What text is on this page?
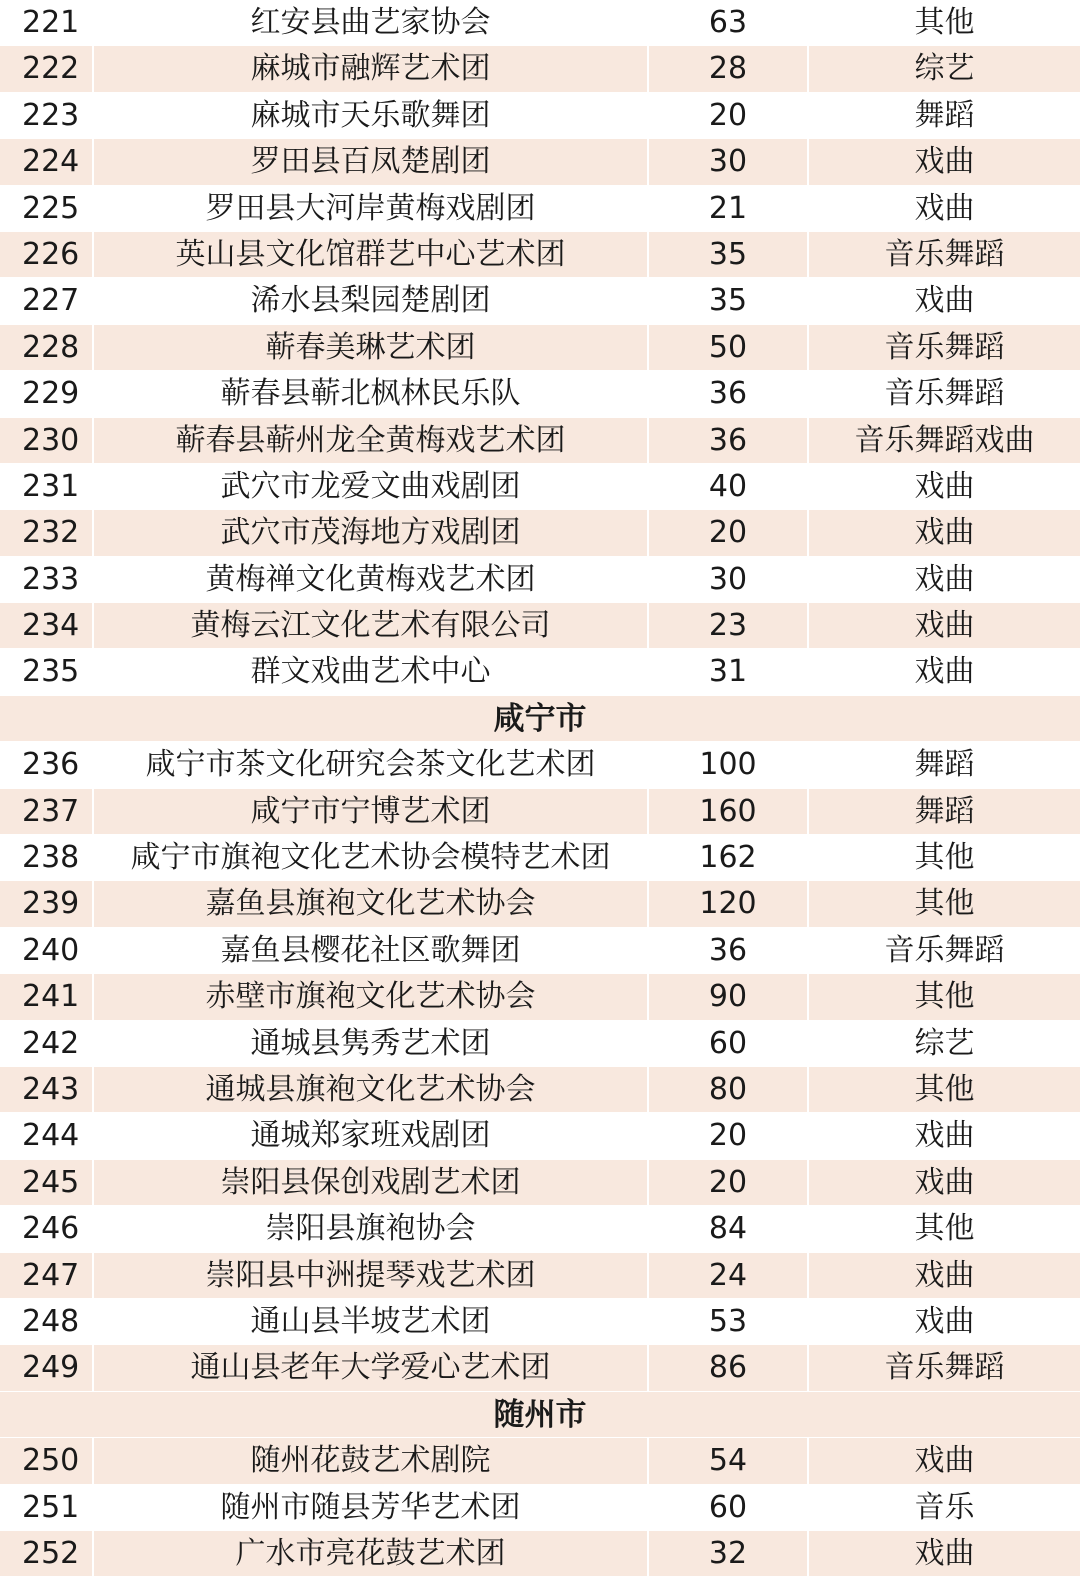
221	红安县曲艺家协会	63	其他
222	麻城市融辉艺术团	28	综艺
223	麻城市天乐歌舞团	20	舞蹈
224	罗田县百凤楚剧团	30	戏曲
225	罗田县大河岸黄梅戏剧团	21	戏曲
226	英山县文化馆群艺中心艺术团	35	音乐舞蹈
227	浠水县梨园楚剧团	35	戏曲
228	蕲春美琳艺术团	50	音乐舞蹈
229	蕲春县蕲北枫林民乐队	36	音乐舞蹈
230	蕲春县蕲州龙全黄梅戏艺术团	36	音乐舞蹈戏曲
231	武穴市龙爱文曲戏剧团	40	戏曲
232	武穴市茂海地方戏剧团	20	戏曲
233	黄梅禅文化黄梅戏艺术团	30	戏曲
234	黄梅云江文化艺术有限公司	23	戏曲
235	群文戏曲艺术中心	31	戏曲
咸宁市
236	咸宁市茶文化研究会茶文化艺术团	100	舞蹈
237	咸宁市宁博艺术团	160	舞蹈
238	咸宁市旗袍文化艺术协会模特艺术团	162	其他
239	嘉鱼县旗袍文化艺术协会	120	其他
240	嘉鱼县樱花社区歌舞团	36	音乐舞蹈
241	赤壁市旗袍文化艺术协会	90	其他
242	通城县隽秀艺术团	60	综艺
243	通城县旗袍文化艺术协会	80	其他
244	通城郑家班戏剧团	20	戏曲
245	崇阳县保创戏剧艺术团	20	戏曲
246	崇阳县旗袍协会	84	其他
247	崇阳县中洲提琴戏艺术团	24	戏曲
248	通山县半坡艺术团	53	戏曲
249	通山县老年大学爱心艺术团	86	音乐舞蹈
随州市
250	随州花鼓艺术剧院	54	戏曲
251	随州市随县芳华艺术团	60	音乐
252	广水市亮花鼓艺术团	32	戏曲
